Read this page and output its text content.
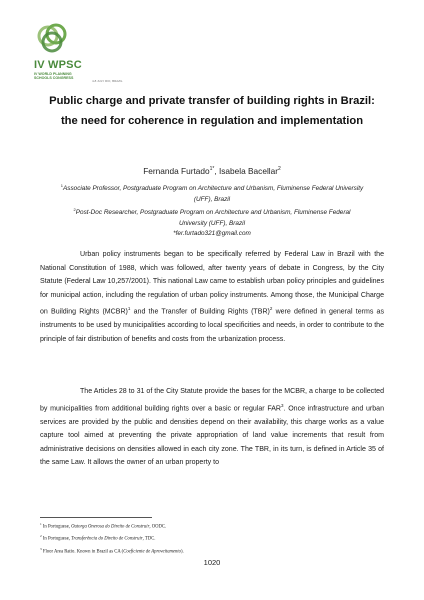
IV WPSC
IV WORLD PLANNING
SCHOOLS CONGRESS
4-8 JULY RIO, BRAZIL
Public charge and private transfer of building rights in Brazil: the need for coherence in regulation and implementation
Fernanda Furtado$^{1*}$, Isabela Bacellar$^2$
$^1$Associate Professor, Postgraduate Program on Architecture and Urbanism, Fluminense Federal University (UFF), Brazil
$^2$Post-Doc Researcher, Postgraduate Program on Architecture and Urbanism, Fluminense Federal University (UFF), Brazil
*fer.furtado321@gmail.com

Urban policy instruments began to be specifically referred by Federal Law in Brazil with the National Constitution of 1988, which was followed, after twenty years of debate in Congress, by the City Statute (Federal Law 10,257/2001). This national Law came to establish urban policy principles and guidelines for municipal action, including the regulation of urban policy instruments. Among those, the Municipal Charge on Building Rights (MCBR)$^1$ and the Transfer of Building Rights (TBR)$^2$ were defined in general terms as instruments to be used by municipalities according to local specificities and needs, in order to contribute to the principle of fair distribution of benefits and costs from the urbanization process.

The Articles 28 to 31 of the City Statute provide the bases for the MCBR, a charge to be collected by municipalities from additional building rights over a basic or regular FAR$^3$. Once infrastructure and urban services are provided by the public and densities depend on their availability, this charge works as a value capture tool aimed at preventing the private appropriation of land value increments that result from administrative decisions on densities allowed in each city zone. The TBR, in its turn, is defined in Article 35 of the same Law. It allows the owner of an urban property to

$^1$ In Portuguese, Outorga Onerosa do Direito de Construir, OODC.
$^2$ In Portuguese, Transferência do Direito de Construir, TDC.
$^3$ Floor Area Ratio. Known in Brazil as CA (Coeficiente de Aproveitamento).
1020
